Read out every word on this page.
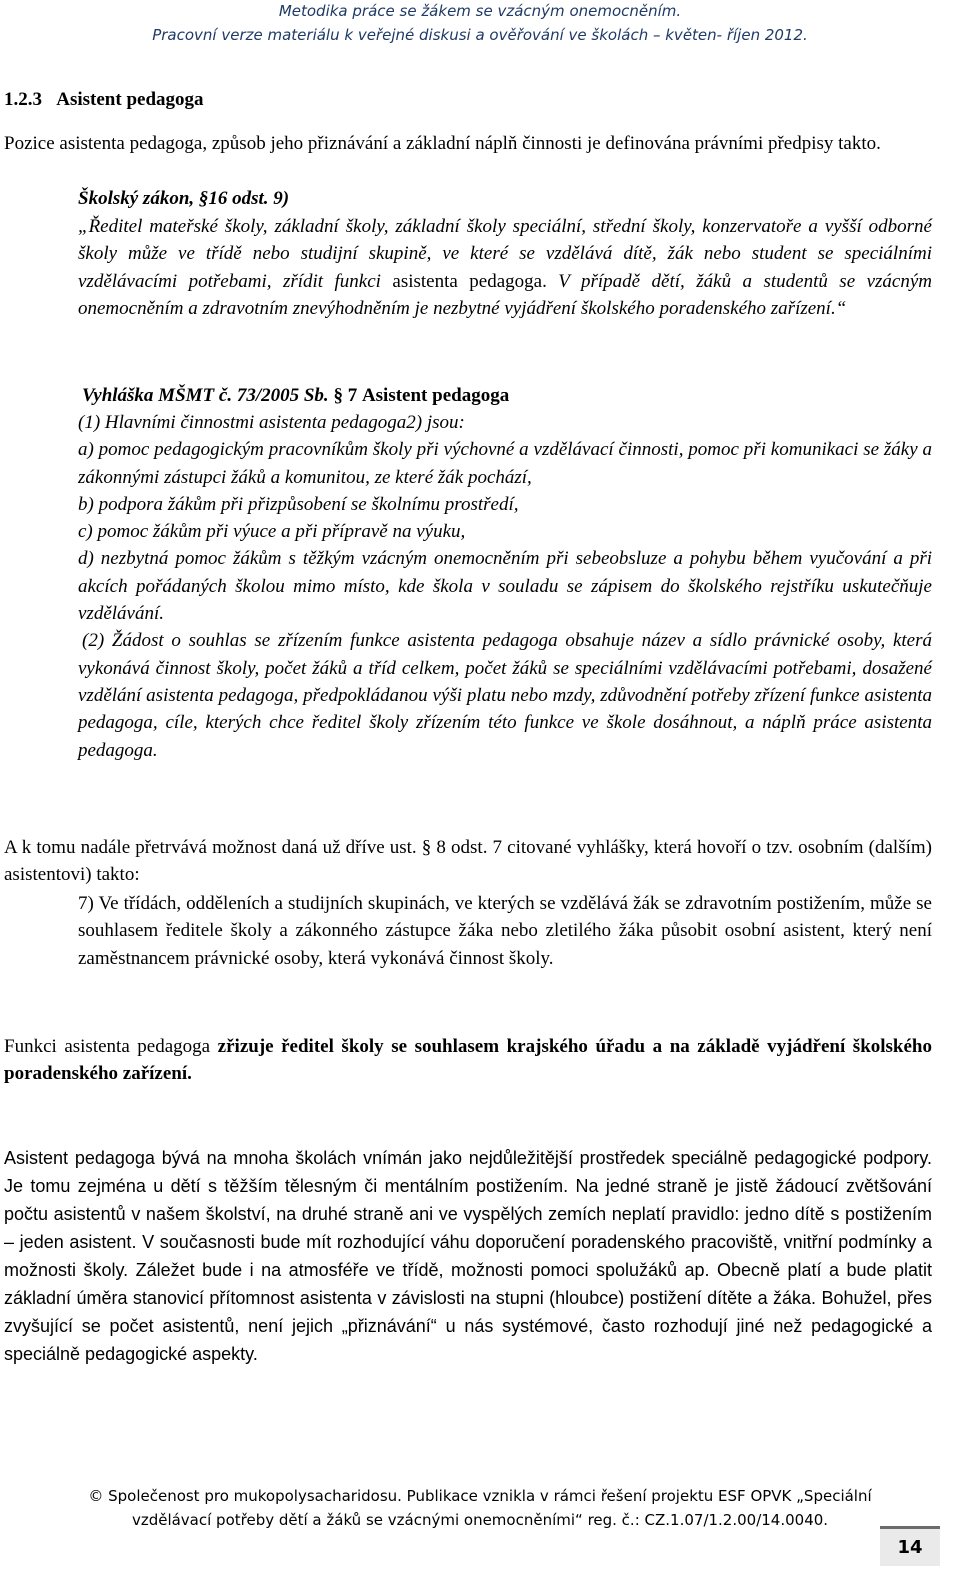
Metodika práce se žákem se vzácným onemocněním.
Pracovní verze materiálu k veřejné diskusi a ověřování ve školách – květen- říjen 2012.
1.2.3 Asistent pedagoga
Pozice asistenta pedagoga, způsob jeho přiznávání a základní náplň činnosti je definována právními předpisy takto.
Školský zákon, §16 odst. 9)
„Ředitel mateřské školy, základní školy, základní školy speciální, střední školy, konzervatoře a vyšší odborné školy může ve třídě nebo studijní skupině, ve které se vzdělává dítě, žák nebo student se speciálními vzdělávacími potřebami, zřídit funkci asistenta pedagoga. V případě dětí, žáků a studentů se vzácným onemocněním a zdravotním znevýhodněním je nezbytné vyjádření školského poradenského zařízení.“
Vyhláška MŠMT č. 73/2005 Sb. § 7 Asistent pedagoga

(1) Hlavními činnostmi asistenta pedagoga2) jsou:

a) pomoc pedagogickým pracovníkům školy při výchovné a vzdělávací činnosti, pomoc při komunikaci se žáky a zákonnými zástupci žáků a komunitou, ze které žák pochází,

b) podpora žákům při přizpůsobení se školnímu prostředí,

c) pomoc žákům při výuce a při přípravě na výuku,

d) nezbytná pomoc žákům s těžkým vzácným onemocněním při sebeobsluze a pohybu během vyučování a při akcích pořádaných školou mimo místo, kde škola v souladu se zápisem do školského rejstříku uskutečňuje vzdělávání.

(2) Žádost o souhlas se zřízením funkce asistenta pedagoga obsahuje název a sídlo právnické osoby, která vykonává činnost školy, počet žáků a tříd celkem, počet žáků se speciálními vzdělávacími potřebami, dosažené vzdělání asistenta pedagoga, předpokládanou výši platu nebo mzdy, zdůvodnění potřeby zřízení funkce asistenta pedagoga, cíle, kterých chce ředitel školy zřízením této funkce ve škole dosáhnout, a náplň práce asistenta pedagoga.

A k tomu nadále přetrvává možnost daná už dříve ust. § 8 odst. 7 citované vyhlášky, která hovoří o tzv. osobním (dalším) asistentovi) takto:
7) Ve třídách, odděleních a studijních skupinách, ve kterých se vzdělává žák se zdravotním postižením, může se souhlasem ředitele školy a zákonného zástupce žáka nebo zletilého žáka působit osobní asistent, který není zaměstnancem právnické osoby, která vykonává činnost školy.
Funkci asistenta pedagoga zřizuje ředitel školy se souhlasem krajského úřadu a na základě vyjádření školského poradenského zařízení.
Asistent pedagoga bývá na mnoha školách vnímán jako nejdůležitější prostředek speciálně pedagogické podpory. Je tomu zejména u dětí s těžším tělesným či mentálním postižením. Na jedné straně je jistě žádoucí zvětšování počtu asistentů v našem školství, na druhé straně ani ve vyspělých zemích neplatí pravidlo: jedno dítě s postižením – jeden asistent. V současnosti bude mít rozhodující váhu doporučení poradenského pracoviště, vnitřní podmínky a možnosti školy. Záležet bude i na atmosféře ve třídě, možnosti pomoci spolužáků ap. Obecně platí a bude platit základní úměra stanovicí přítomnost asistenta v závislosti na stupni (hloubce) postižení dítěte a žáka. Bohužel, přes zvyšující se počet asistentů, není jejich „přiznávání“ u nás systémové, často rozhodují jiné než pedagogické a speciálně pedagogické aspekty.
© Společenost pro mukopolysacharidosu. Publikace vznikla v rámci řešení projektu ESF OPVK „Speciální
vzdělávací potřeby dětí a žáků se vzácnými onemocněními“ reg. č.: CZ.1.07/1.2.00/14.0040.
14
